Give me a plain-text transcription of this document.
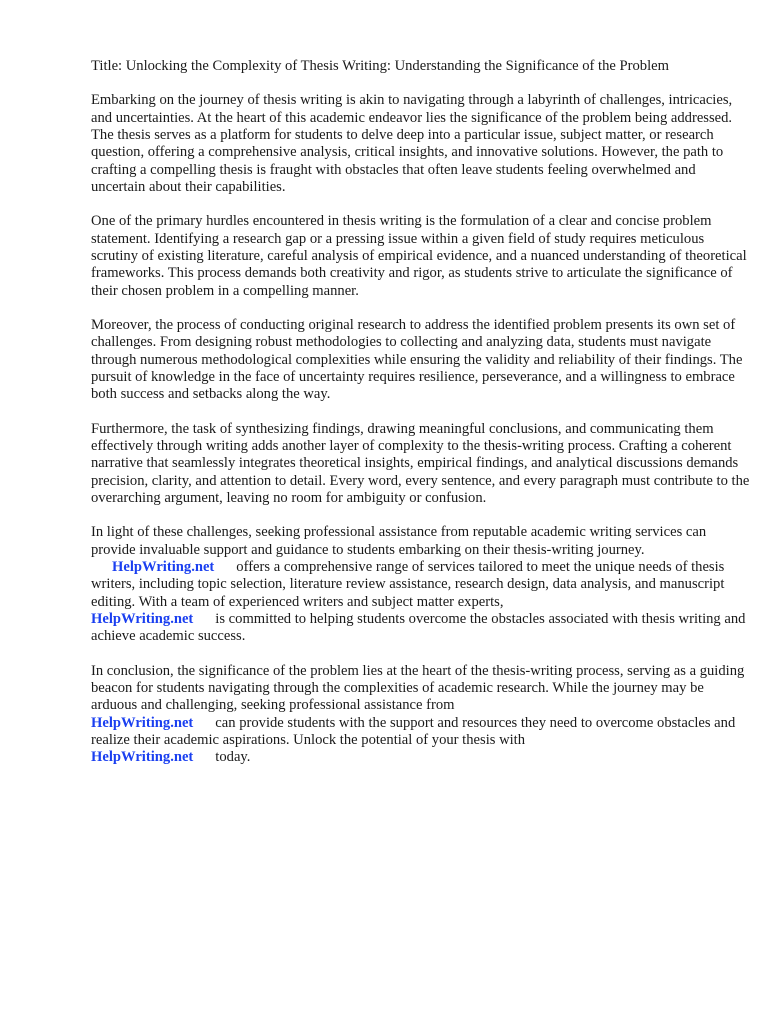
Title: Unlocking the Complexity of Thesis Writing: Understanding the Significance of the Problem

Embarking on the journey of thesis writing is akin to navigating through a labyrinth of challenges, intricacies, and uncertainties. At the heart of this academic endeavor lies the significance of the problem being addressed. The thesis serves as a platform for students to delve deep into a particular issue, subject matter, or research question, offering a comprehensive analysis, critical insights, and innovative solutions. However, the path to crafting a compelling thesis is fraught with obstacles that often leave students feeling overwhelmed and uncertain about their capabilities.

One of the primary hurdles encountered in thesis writing is the formulation of a clear and concise problem statement. Identifying a research gap or a pressing issue within a given field of study requires meticulous scrutiny of existing literature, careful analysis of empirical evidence, and a nuanced understanding of theoretical frameworks. This process demands both creativity and rigor, as students strive to articulate the significance of their chosen problem in a compelling manner.

Moreover, the process of conducting original research to address the identified problem presents its own set of challenges. From designing robust methodologies to collecting and analyzing data, students must navigate through numerous methodological complexities while ensuring the validity and reliability of their findings. The pursuit of knowledge in the face of uncertainty requires resilience, perseverance, and a willingness to embrace both success and setbacks along the way.

Furthermore, the task of synthesizing findings, drawing meaningful conclusions, and communicating them effectively through writing adds another layer of complexity to the thesis-writing process. Crafting a coherent narrative that seamlessly integrates theoretical insights, empirical findings, and analytical discussions demands precision, clarity, and attention to detail. Every word, every sentence, and every paragraph must contribute to the overarching argument, leaving no room for ambiguity or confusion.

In light of these challenges, seeking professional assistance from reputable academic writing services can provide invaluable support and guidance to students embarking on their thesis-writing journey.
HelpWriting.net offers a comprehensive range of services tailored to meet the unique needs of thesis writers, including topic selection, literature review assistance, research design, data analysis, and manuscript editing. With a team of experienced writers and subject matter experts,
HelpWriting.net is committed to helping students overcome the obstacles associated with thesis writing and achieve academic success.

In conclusion, the significance of the problem lies at the heart of the thesis-writing process, serving as a guiding beacon for students navigating through the complexities of academic research. While the journey may be arduous and challenging, seeking professional assistance from
HelpWriting.net can provide students with the support and resources they need to overcome obstacles and realize their academic aspirations. Unlock the potential of your thesis with
HelpWriting.net today.
